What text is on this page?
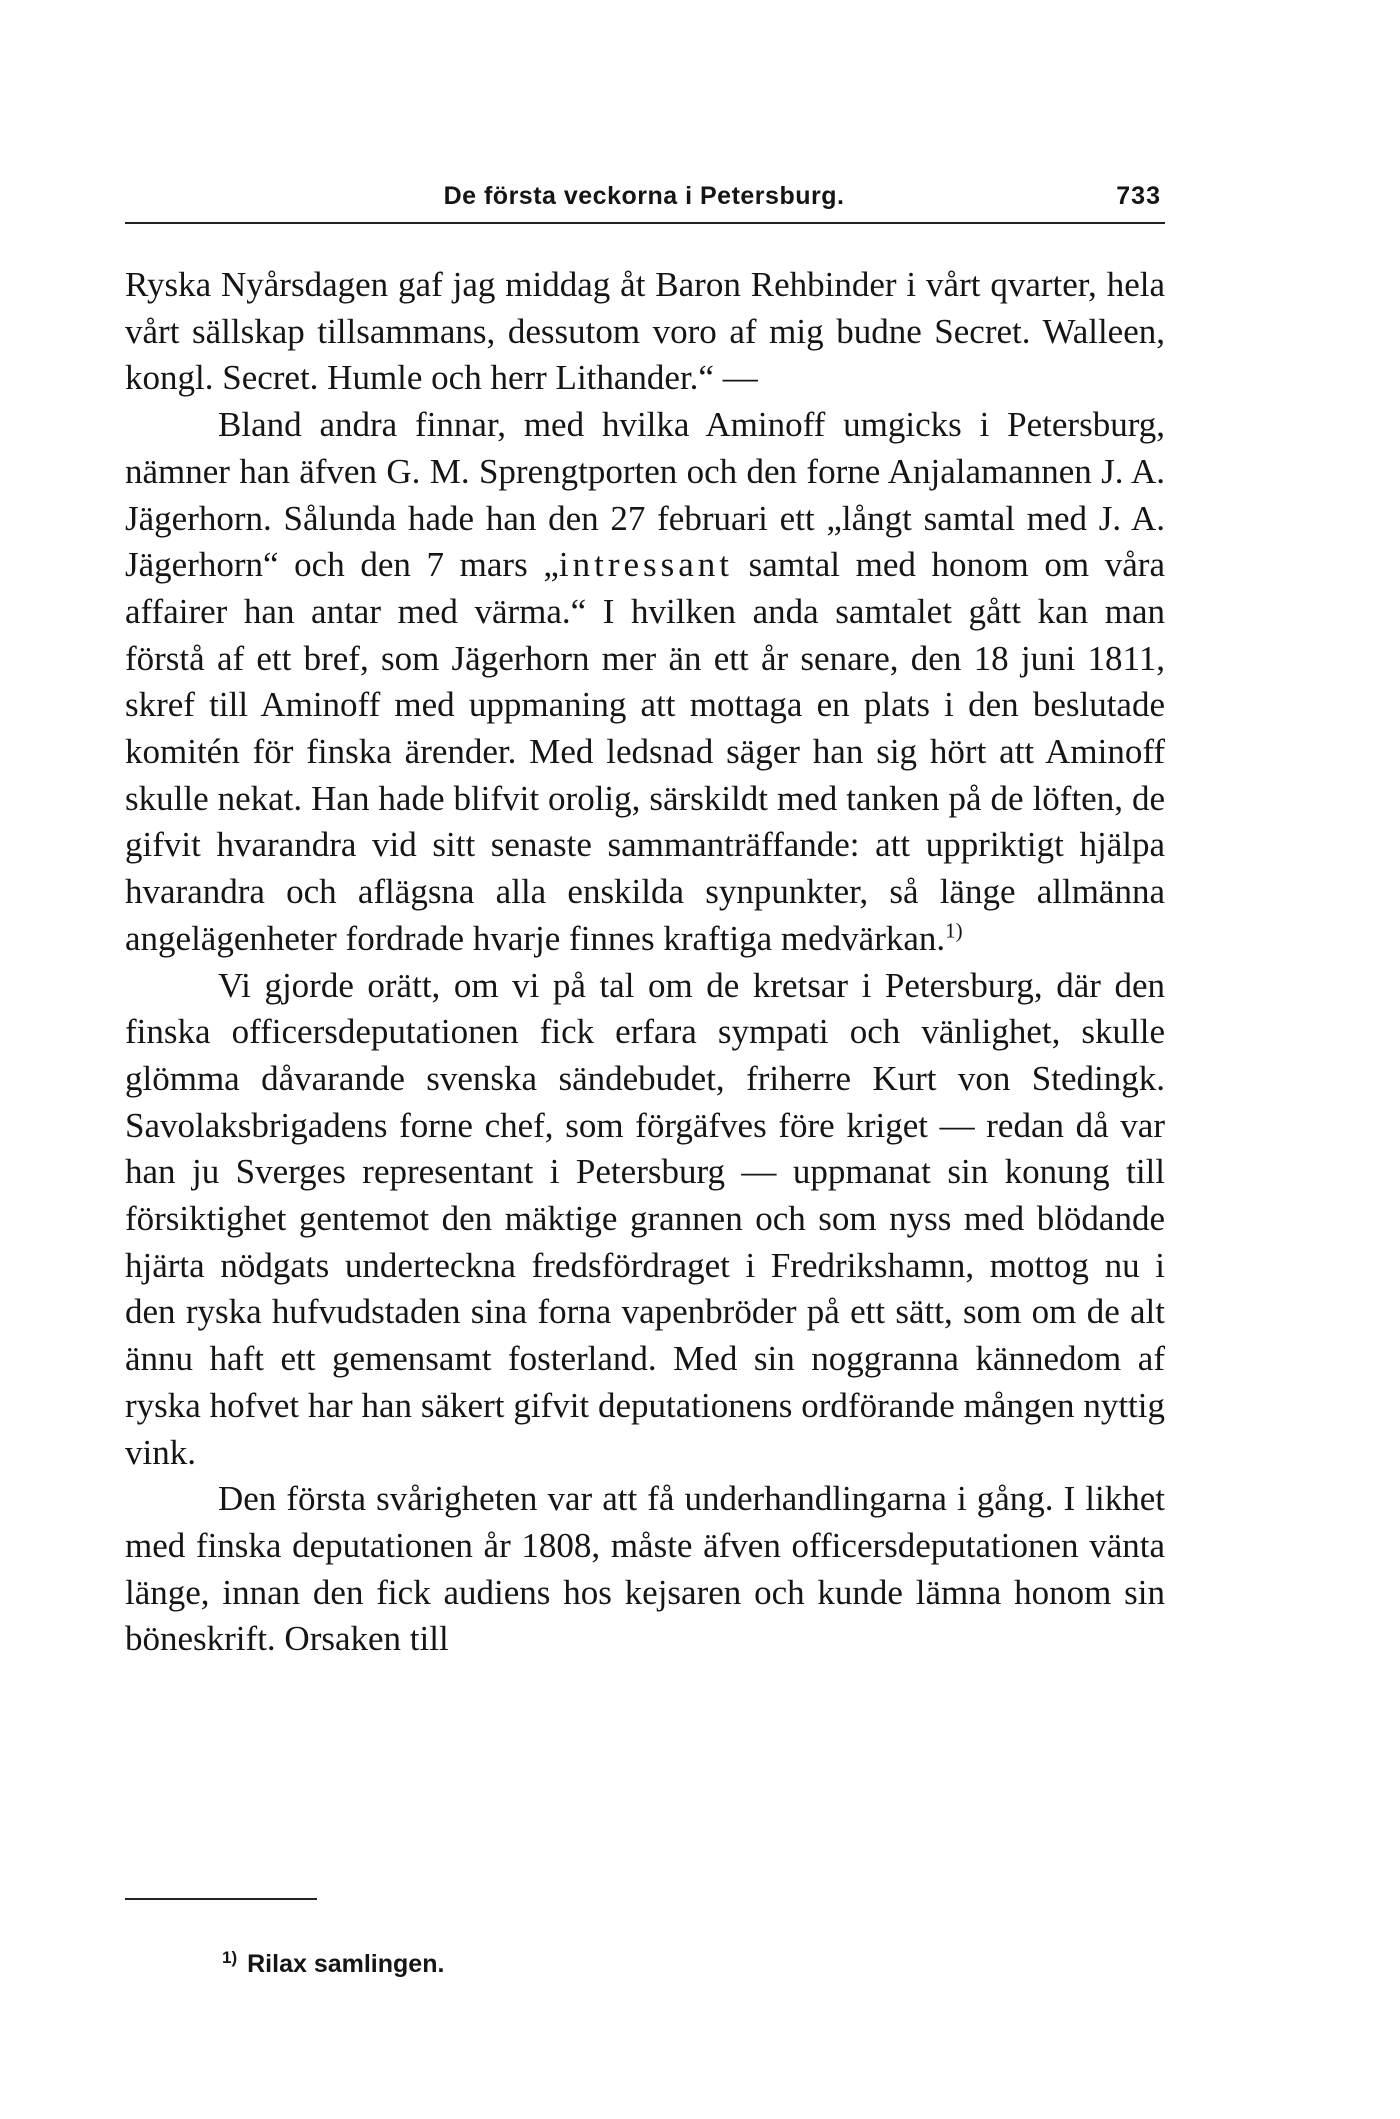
De första veckorna i Petersburg.	733

Ryska Nyårsdagen gaf jag middag åt Baron Rehbinder i vårt qvarter, hela vårt sällskap tillsammans, dessutom voro af mig budne Secret. Walleen, kongl. Secret. Humle och herr Lithander.“ —

Bland andra finnar, med hvilka Aminoff umgicks i Petersburg, nämner han äfven G. M. Sprengtporten och den forne Anjalamannen J. A. Jägerhorn. Sålunda hade han den 27 februari ett „långt samtal med J. A. Jägerhorn“ och den 7 mars „intressant samtal med honom om våra affairer han antar med värma.“ I hvilken anda samtalet gått kan man förstå af ett bref, som Jägerhorn mer än ett år senare, den 18 juni 1811, skref till Aminoff med uppmaning att mottaga en plats i den beslutade komitén för finska ärender. Med ledsnad säger han sig hört att Aminoff skulle nekat. Han hade blifvit orolig, särskildt med tanken på de löften, de gifvit hvarandra vid sitt senaste sammanträffande: att uppriktigt hjälpa hvarandra och aflägsna alla enskilda synpunkter, så länge allmänna angelägenheter fordrade hvarje finnes kraftiga medvärkan.$^{1)}$

Vi gjorde orätt, om vi på tal om de kretsar i Petersburg, där den finska officersdeputationen fick erfara sympati och vänlighet, skulle glömma dåvarande svenska sändebudet, friherre Kurt von Stedingk. Savolaksbrigadens forne chef, som förgäfves före kriget — redan då var han ju Sverges representant i Petersburg — uppmanat sin konung till försiktighet gentemot den mäktige grannen och som nyss med blödande hjärta nödgats underteckna fredsfördraget i Fredrikshamn, mottog nu i den ryska hufvudstaden sina forna vapenbröder på ett sätt, som om de alt ännu haft ett gemensamt fosterland. Med sin noggranna kännedom af ryska hofvet har han säkert gifvit deputationens ordförande mången nyttig vink.

Den första svårigheten var att få underhandlingarna i gång. I likhet med finska deputationen år 1808, måste äfven officersdeputationen vänta länge, innan den fick audiens hos kejsaren och kunde lämna honom sin böneskrift. Orsaken till

$^{1)}$ Rilax samlingen.
